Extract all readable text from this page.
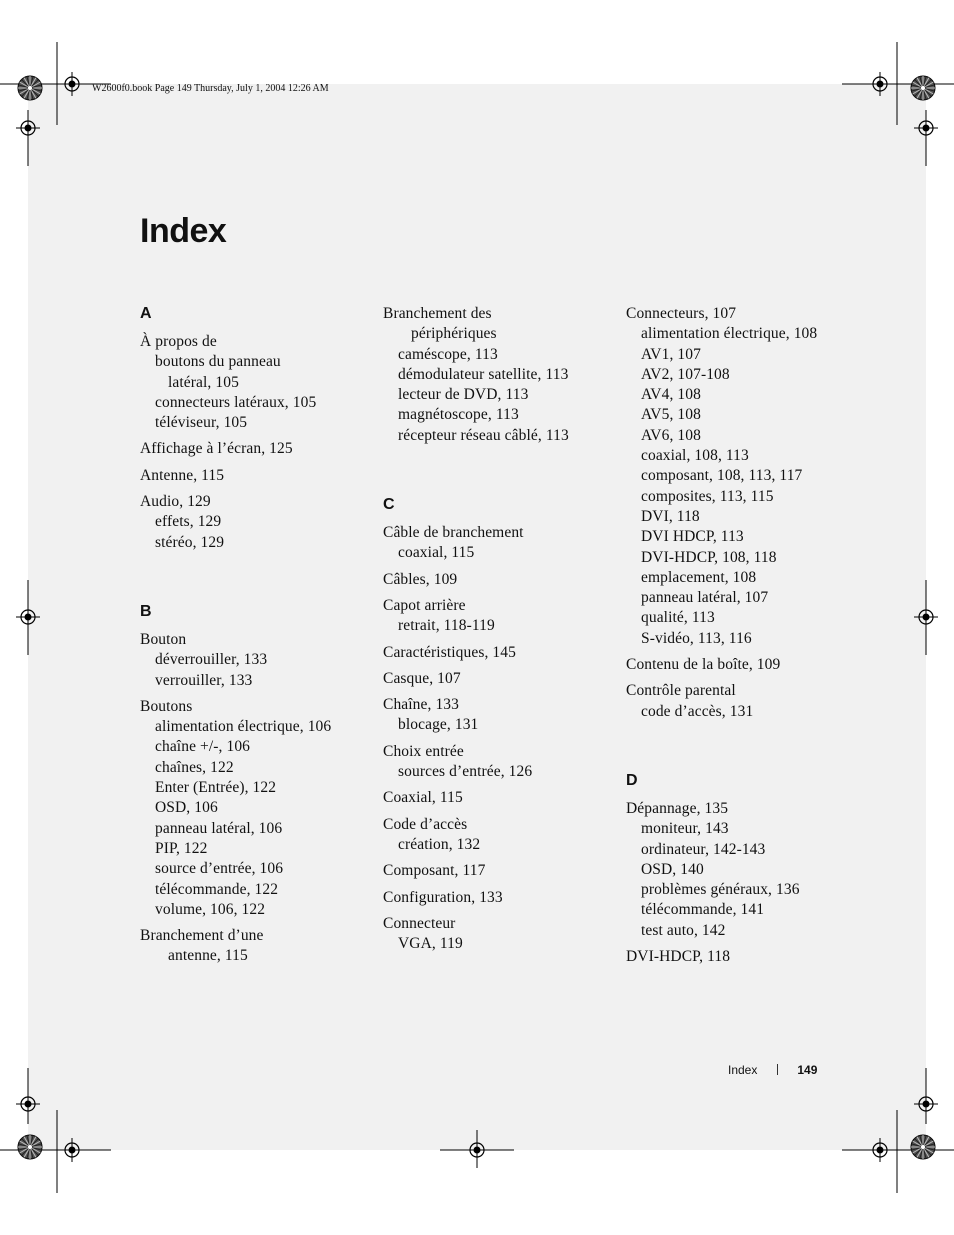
W2600f0.book Page 149 Thursday, July 1, 2004 12:26 AM
Index
A
À propos de
boutons du panneau
latéral, 105
connecteurs latéraux, 105
téléviseur, 105
Affichage à l’écran, 125
Antenne, 115
Audio, 129
effets, 129
stéréo, 129
B
Bouton
déverrouiller, 133
verrouiller, 133
Boutons
alimentation électrique, 106
chaîne +/-, 106
chaînes, 122
Enter (Entrée), 122
OSD, 106
panneau latéral, 106
PIP, 122
source d’entrée, 106
télécommande, 122
volume, 106, 122
Branchement d’une
antenne, 115
Branchement des
périphériques
caméscope, 113
démodulateur satellite, 113
lecteur de DVD, 113
magnétoscope, 113
récepteur réseau câblé, 113
C
Câble de branchement
coaxial, 115
Câbles, 109
Capot arrière
retrait, 118-119
Caractéristiques, 145
Casque, 107
Chaîne, 133
blocage, 131
Choix entrée
sources d’entrée, 126
Coaxial, 115
Code d’accès
création, 132
Composant, 117
Configuration, 133
Connecteur
VGA, 119
Connecteurs, 107
alimentation électrique, 108
AV1, 107
AV2, 107-108
AV4, 108
AV5, 108
AV6, 108
coaxial, 108, 113
composant, 108, 113, 117
composites, 113, 115
DVI, 118
DVI HDCP, 113
DVI-HDCP, 108, 118
emplacement, 108
panneau latéral, 107
qualité, 113
S-vidéo, 113, 116
Contenu de la boîte, 109
Contrôle parental
code d’accès, 131
D
Dépannage, 135
moniteur, 143
ordinateur, 142-143
OSD, 140
problèmes généraux, 136
télécommande, 141
test auto, 142
DVI-HDCP, 118
Index	149
